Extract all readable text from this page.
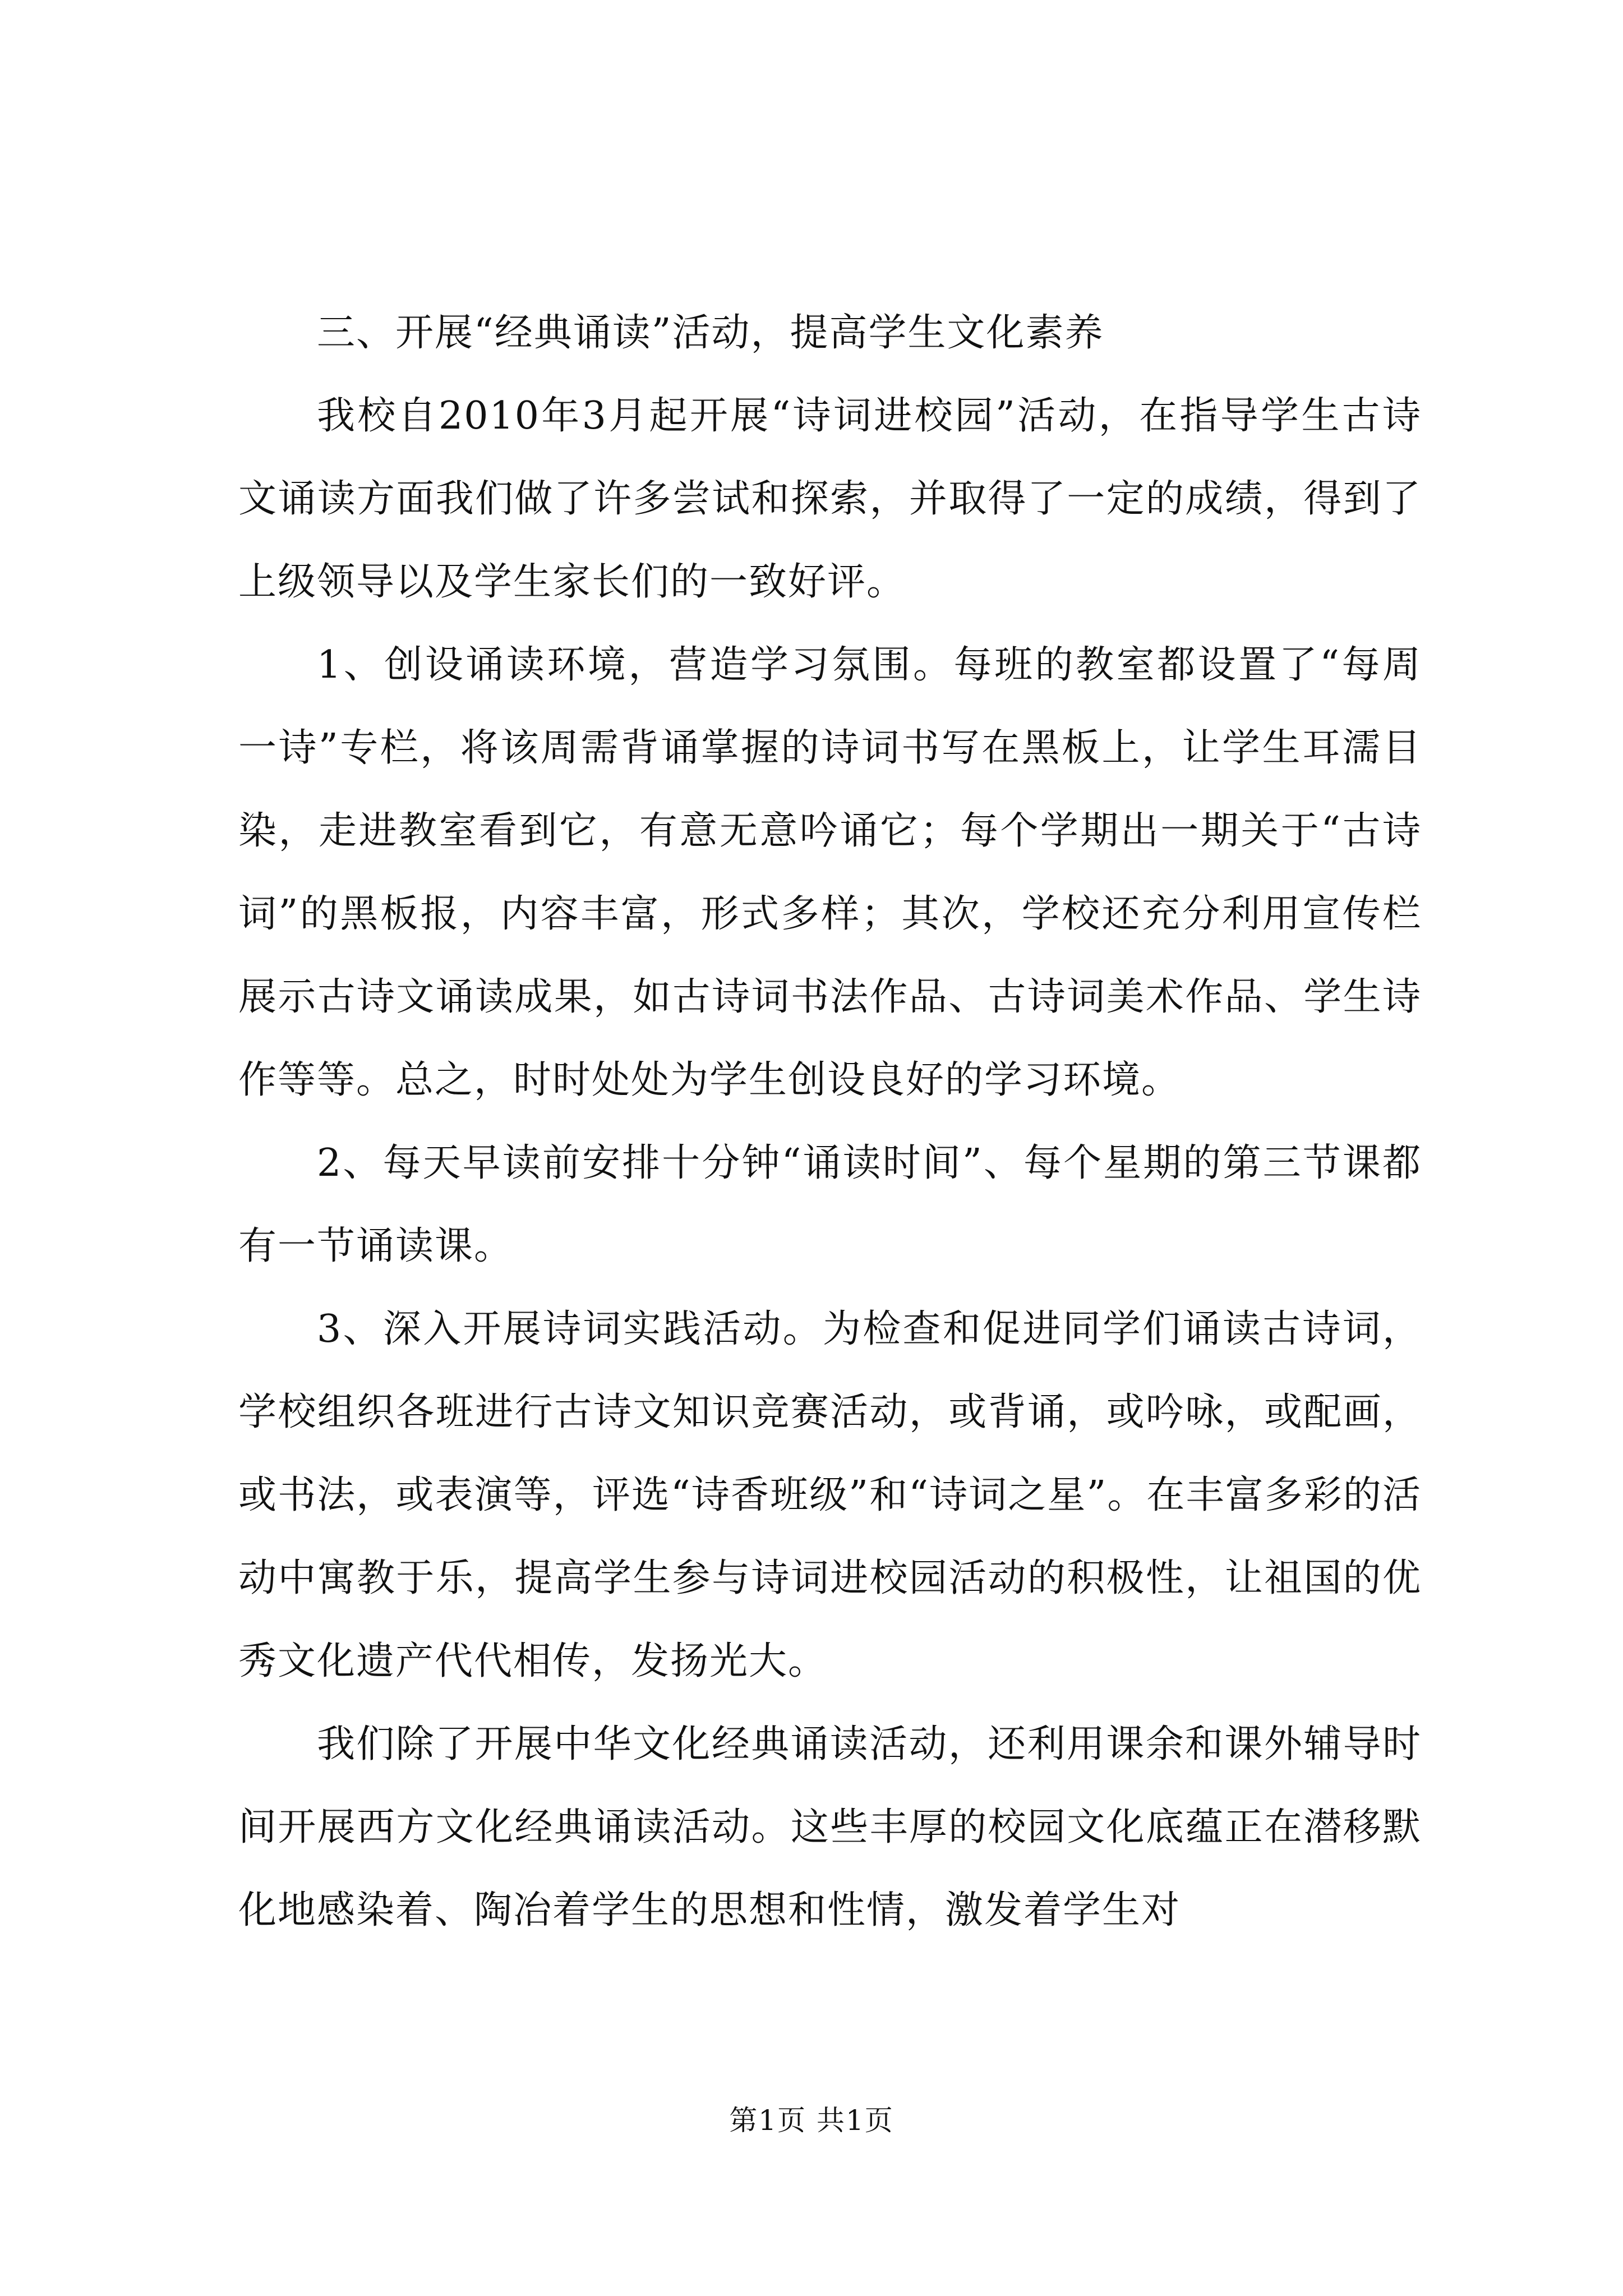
三、开展“经典诵读”活动，提高学生文化素养

我校自2010年3月起开展“诗词进校园”活动，在指导学生古诗文诵读方面我们做了许多尝试和探索，并取得了一定的成绩，得到了上级领导以及学生家长们的一致好评。

1、创设诵读环境，营造学习氛围。每班的教室都设置了“每周一诗”专栏，将该周需背诵掌握的诗词书写在黑板上，让学生耳濡目染，走进教室看到它，有意无意吟诵它；每个学期出一期关于“古诗词”的黑板报，内容丰富，形式多样；其次，学校还充分利用宣传栏展示古诗文诵读成果，如古诗词书法作品、古诗词美术作品、学生诗作等等。总之，时时处处为学生创设良好的学习环境。

2、每天早读前安排十分钟“诵读时间”、每个星期的第三节课都有一节诵读课。

3、深入开展诗词实践活动。为检查和促进同学们诵读古诗词，学校组织各班进行古诗文知识竞赛活动，或背诵，或吟咏，或配画，或书法，或表演等，评选“诗香班级”和“诗词之星”。在丰富多彩的活动中寓教于乐，提高学生参与诗词进校园活动的积极性，让祖国的优秀文化遗产代代相传，发扬光大。

我们除了开展中华文化经典诵读活动，还利用课余和课外辅导时间开展西方文化经典诵读活动。这些丰厚的校园文化底蕴正在潜移默化地感染着、陶冶着学生的思想和性情，激发着学生对

第1页 共1页
